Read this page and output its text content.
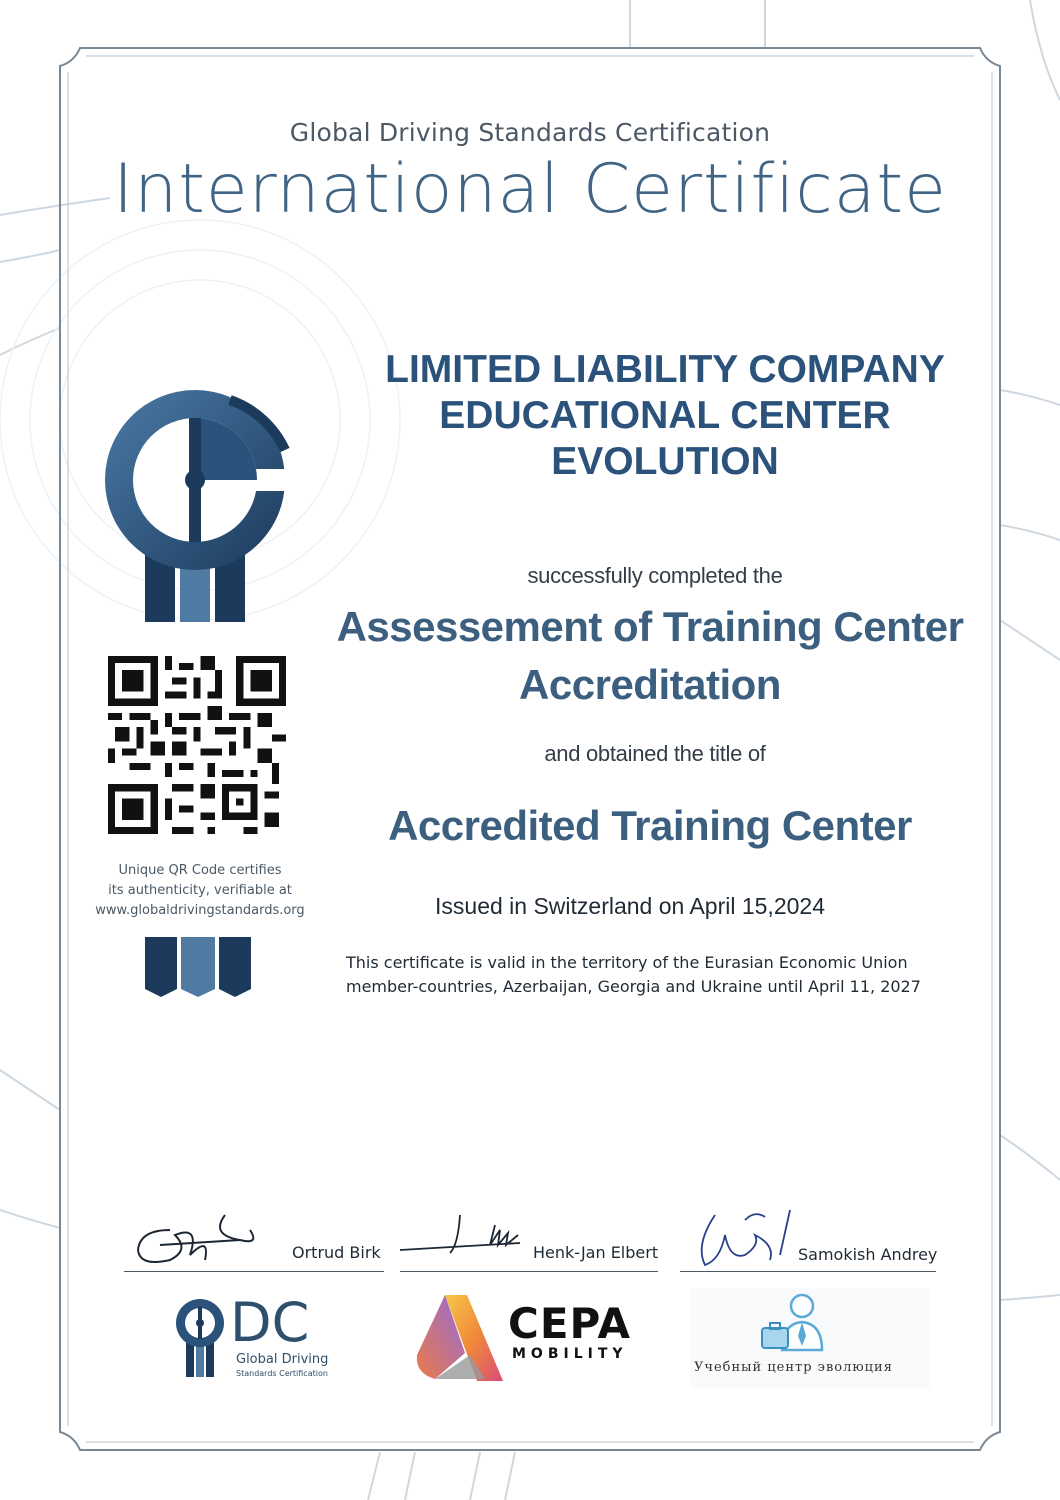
Global Driving Standards Certification
International Certificate
Unique QR Code certifies
its authenticity, verifiable at
www.globaldrivingstandards.org
LIMITED LIABILITY COMPANY
EDUCATIONAL CENTER
EVOLUTION
successfully completed the
Assessement of Training Center
Accreditation
and obtained the title of
Accredited Training Center
Issued in Switzerland on April 15,2024
This certificate is valid in the territory of the Eurasian Economic Union
member-countries, Azerbaijan, Georgia and Ukraine until April 11, 2027
Ortrud Birk	Henk-Jan Elbert	Samokish Andrey
DC
Global Driving
Standards Certification
CEPA
MOBILITY
Учебный центр эволюция
